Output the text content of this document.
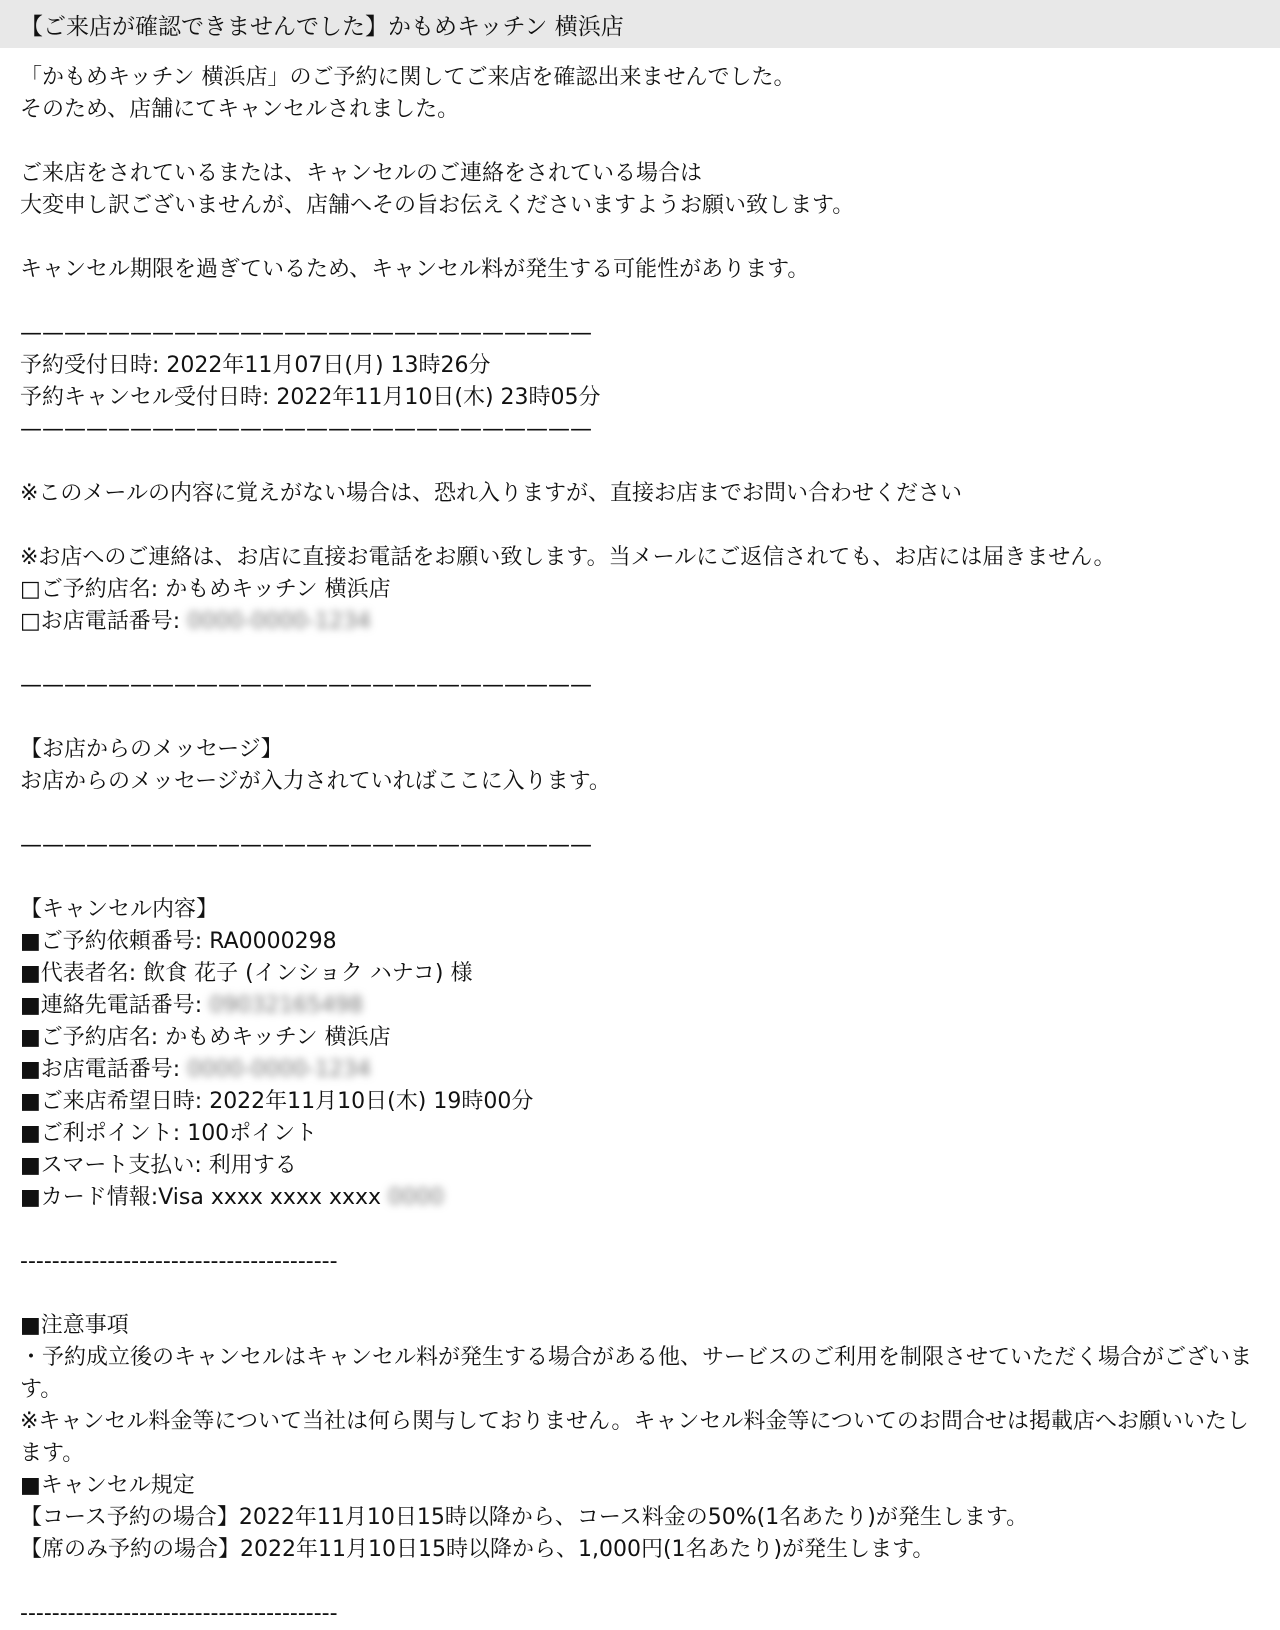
【ご来店が確認できませんでした】かもめキッチン 横浜店
「かもめキッチン 横浜店」のご予約に関してご来店を確認出来ませんでした。
そのため、店舗にてキャンセルされました。
ご来店をされているまたは、キャンセルのご連絡をされている場合は
大変申し訳ございませんが、店舗へその旨お伝えくださいますようお願い致します。
キャンセル期限を過ぎているため、キャンセル料が発生する可能性があります。
——————————————————————————
予約受付日時: 2022年11月07日(月) 13時26分
予約キャンセル受付日時: 2022年11月10日(木) 23時05分
——————————————————————————
※このメールの内容に覚えがない場合は、恐れ入りますが、直接お店までお問い合わせください
※お店へのご連絡は、お店に直接お電話をお願い致します。当メールにご返信されても、お店には届きません。
□ご予約店名: かもめキッチン 横浜店
□お店電話番号: 0000-0000-1234
——————————————————————————
【お店からのメッセージ】
お店からのメッセージが入力されていればここに入ります。
——————————————————————————
【キャンセル内容】
■ご予約依頼番号: RA0000298
■代表者名: 飲食 花子 (インショク ハナコ) 様
■連絡先電話番号: 09032165498
■ご予約店名: かもめキッチン 横浜店
■お店電話番号: 0000-0000-1234
■ご来店希望日時: 2022年11月10日(木) 19時00分
■ご利ポイント: 100ポイント
■スマート支払い: 利用する
■カード情報:Visa xxxx xxxx xxxx 0000
----------------------------------------
■注意事項
・予約成立後のキャンセルはキャンセル料が発生する場合がある他、サービスのご利用を制限させていただく場合がございます。
※キャンセル料金等について当社は何ら関与しておりません。キャンセル料金等についてのお問合せは掲載店へお願いいたします。
■キャンセル規定
【コース予約の場合】2022年11月10日15時以降から、コース料金の50%(1名あたり)が発生します。
【席のみ予約の場合】2022年11月10日15時以降から、1,000円(1名あたり)が発生します。
----------------------------------------
